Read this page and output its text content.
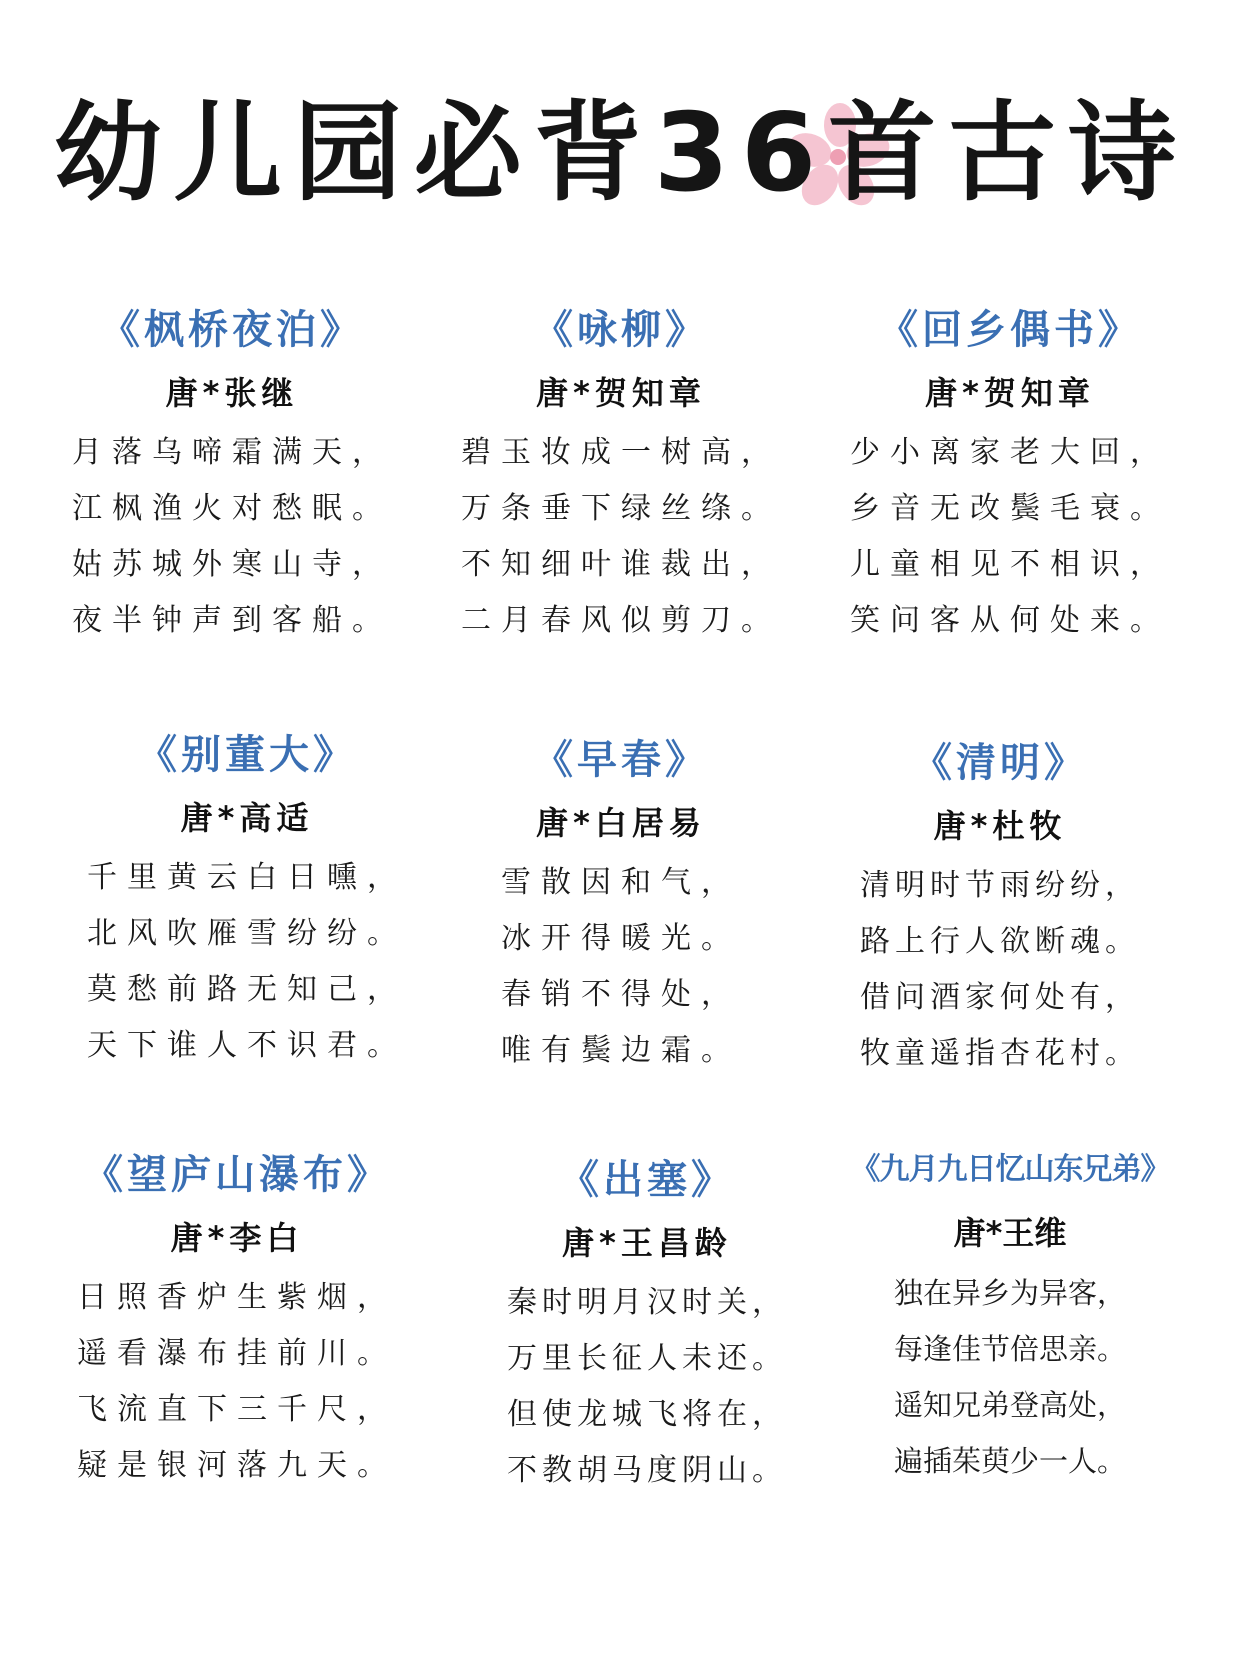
幼儿园必背36首古诗
《枫桥夜泊》
唐*张继
月落乌啼霜满天，
江枫渔火对愁眠。
姑苏城外寒山寺，
夜半钟声到客船。
《咏柳》
唐*贺知章
碧玉妆成一树高，
万条垂下绿丝绦。
不知细叶谁裁出，
二月春风似剪刀。
《回乡偶书》
唐*贺知章
少小离家老大回，
乡音无改鬓毛衰。
儿童相见不相识，
笑问客从何处来。
《别董大》
唐*高适
千里黄云白日曛，
北风吹雁雪纷纷。
莫愁前路无知己，
天下谁人不识君。
《早春》
唐*白居易
雪散因和气，
冰开得暖光。
春销不得处，
唯有鬓边霜。
《清明》
唐*杜牧
清明时节雨纷纷，
路上行人欲断魂。
借问酒家何处有，
牧童遥指杏花村。
《望庐山瀑布》
唐*李白
日照香炉生紫烟，
遥看瀑布挂前川。
飞流直下三千尺，
疑是银河落九天。
《出塞》
唐*王昌龄
秦时明月汉时关，
万里长征人未还。
但使龙城飞将在，
不教胡马度阴山。
《九月九日忆山东兄弟》
唐*王维
独在异乡为异客，
每逢佳节倍思亲。
遥知兄弟登高处，
遍插茱萸少一人。
